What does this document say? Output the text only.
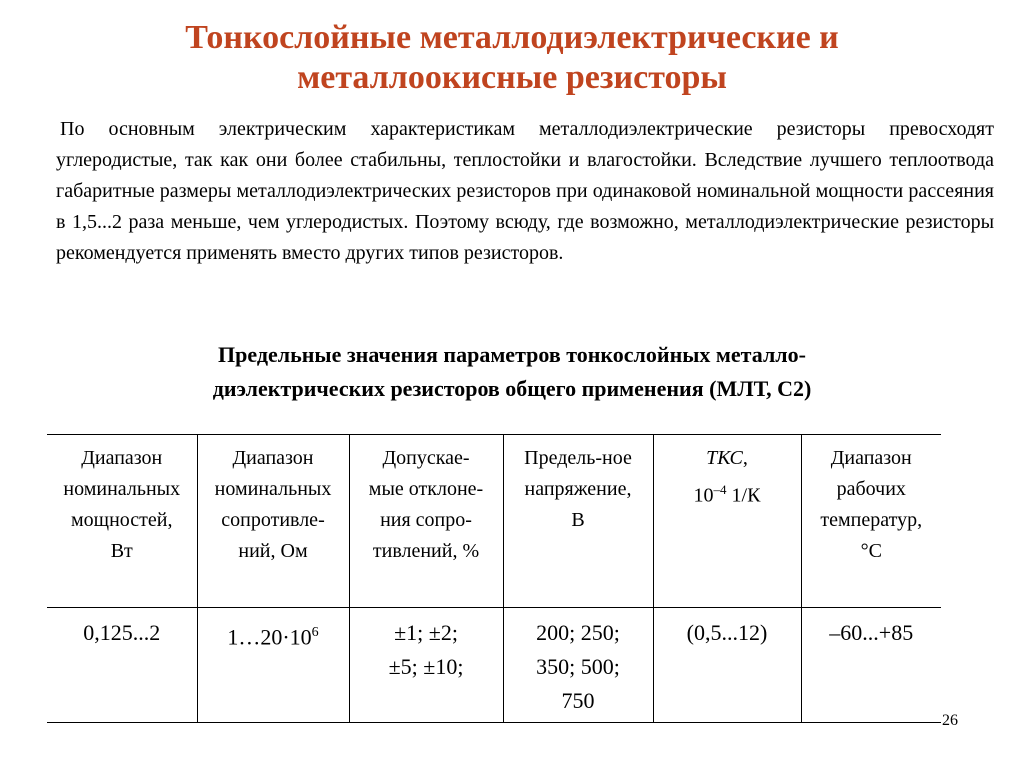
Тонкослойные металлодиэлектрические и
металлоокисные резисторы

По основным электрическим характеристикам металлодиэлектрические резисторы превосходят углеродистые, так как они более стабильны, теплостойки и влагостойки. Вследствие лучшего теплоотвода габаритные размеры металлодиэлектрических резисторов при одинаковой номинальной мощности рассеяния в 1,5...2 раза меньше, чем углеродистых. Поэтому всюду, где возможно, металлодиэлектрические резисторы рекомендуется применять вместо других типов резисторов.

Предельные значения параметров тонкослойных металло-
диэлектрических резисторов общего применения (МЛТ, С2)
Диапазон
номинальных
мощностей,
Вт	Диапазон
номинальных
сопротивле-
ний, Ом	Допускае-
мые отклоне-
ния сопро-
тивлений, %	Предель-ное
напряжение,
В	ТКС,
$10^{-4}$ 1/К	Диапазон
рабочих
температур,
°С

0,125...2	$1\dots 20\cdot 10^6$	±1; ±2;
±5; ±10;	200; 250;
350; 500;
750	(0,5...12)	–60...+85
26
